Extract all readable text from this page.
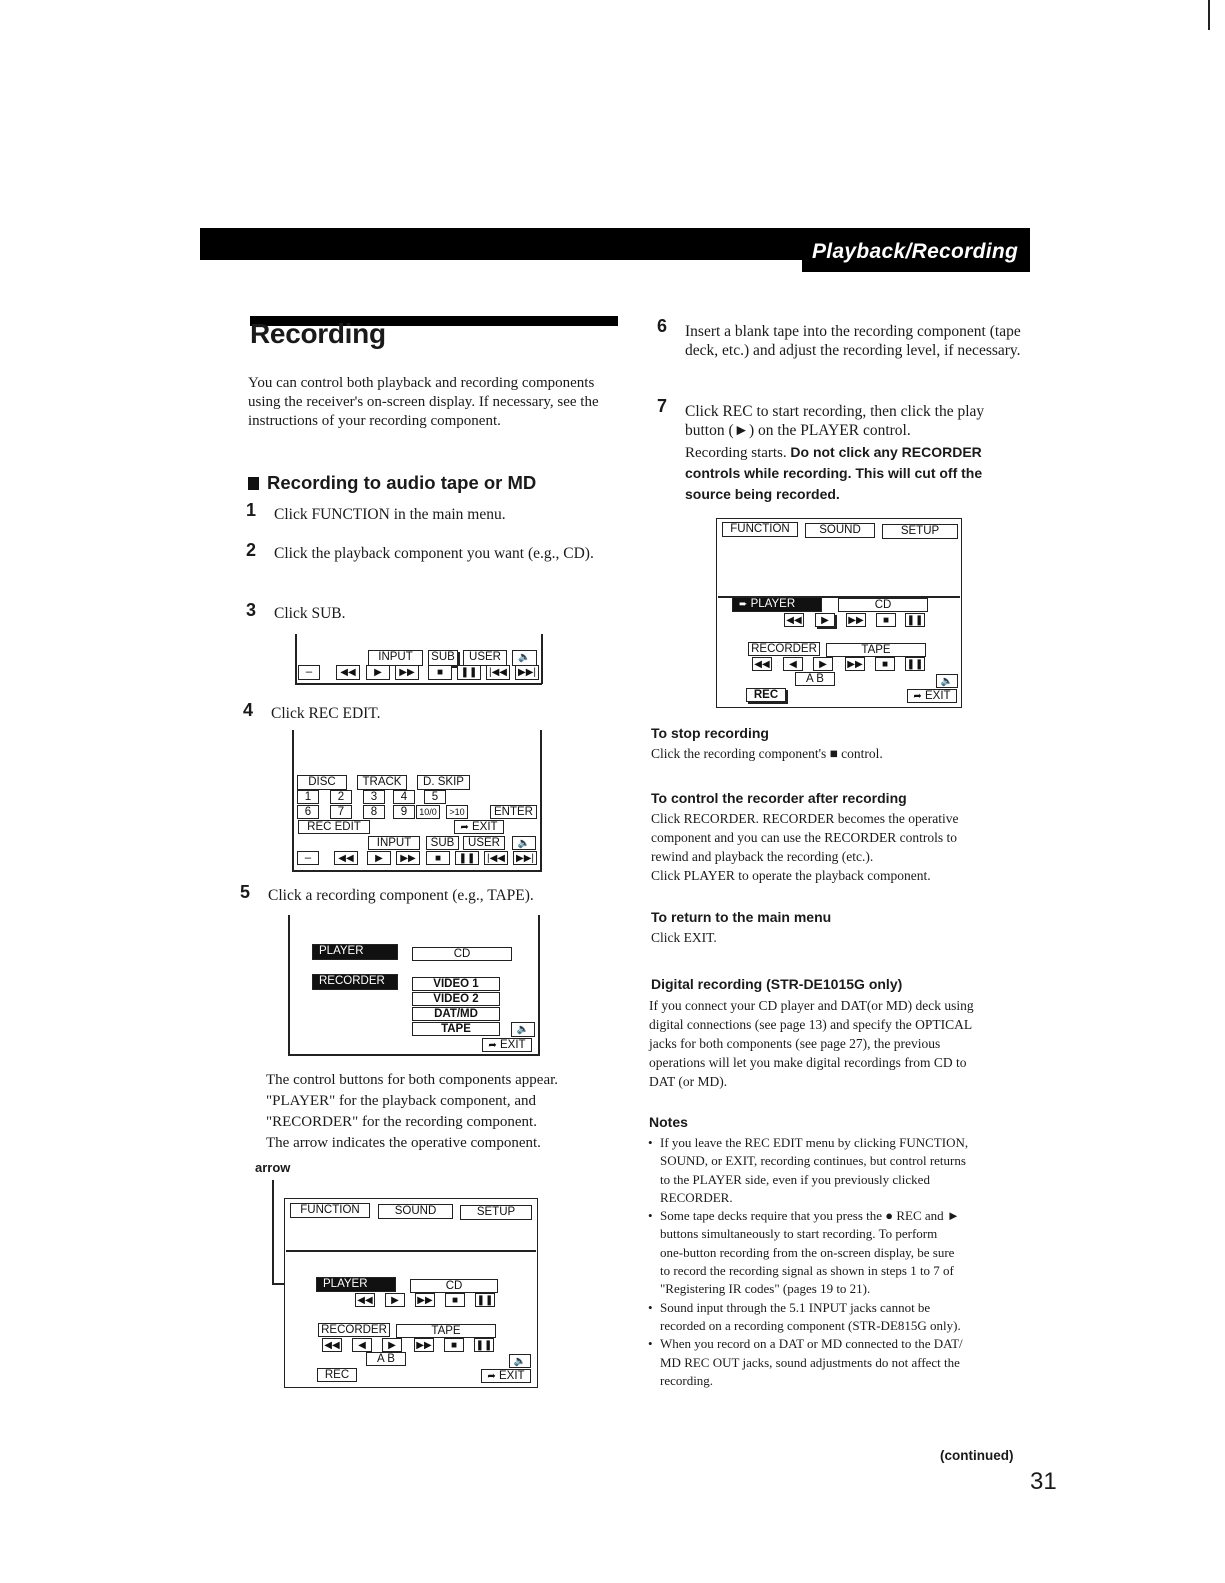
Playback/Recording
Recording
You can control both playback and recording components using the receiver's on-screen display. If necessary, see the instructions of your recording component.
Recording to audio tape or MD
1 Click FUNCTION in the main menu.
2 Click the playback component you want (e.g., CD).
3 Click SUB.
INPUT	SUB	USER	🔈
–	◀◀	▶	▶▶	■	❚❚	|◀◀	▶▶|
4 Click REC EDIT.
DISC	TRACK	D. SKIP
1	2	3	4	5
6	7	8	9	10/0	>10	ENTER
REC EDIT	➦ EXIT
INPUT	SUB	USER	🔈
–	◀◀	▶	▶▶	■	❚❚	|◀◀	▶▶|
5 Click a recording component (e.g., TAPE).
PLAYER	CD
RECORDER	VIDEO 1
VIDEO 2
DAT/MD
TAPE	🔈
➦ EXIT
The control buttons for both components appear.
"PLAYER" for the playback component, and
"RECORDER" for the recording component.
The arrow indicates the operative component.
arrow
FUNCTION	SOUND	SETUP
PLAYER	CD
◀◀	▶	▶▶	■	❚❚
RECORDER	TAPE
◀◀	◀	▶	▶▶	■	❚❚
A B	🔈
REC	➦ EXIT
6 Insert a blank tape into the recording component (tape deck, etc.) and adjust the recording level, if necessary.
7 Click REC to start recording, then click the play button (►) on the PLAYER control.
Recording starts. Do not click any RECORDER controls while recording. This will cut off the source being recorded.
FUNCTION	SOUND	SETUP
➨ PLAYER	CD
◀◀	▶	▶▶	■	❚❚
RECORDER	TAPE
◀◀	◀	▶	▶▶	■	❚❚
A B	🔈
REC	➦ EXIT
To stop recording
Click the recording component's ■ control.
To control the recorder after recording
Click RECORDER. RECORDER becomes the operative
component and you can use the RECORDER controls to
rewind and playback the recording (etc.).
Click PLAYER to operate the playback component.
To return to the main menu
Click EXIT.
Digital recording (STR-DE1015G only)
If you connect your CD player and DAT(or MD) deck using
digital connections (see page 13) and specify the OPTICAL
jacks for both components (see page 27), the previous
operations will let you make digital recordings from CD to
DAT (or MD).
Notes
• If you leave the REC EDIT menu by clicking FUNCTION,
SOUND, or EXIT, recording continues, but control returns
to the PLAYER side, even if you previously clicked
RECORDER.
• Some tape decks require that you press the ● REC and ►
buttons simultaneously to start recording. To perform
one-button recording from the on-screen display, be sure
to record the recording signal as shown in steps 1 to 7 of
"Registering IR codes" (pages 19 to 21).
• Sound input through the 5.1 INPUT jacks cannot be
recorded on a recording component (STR-DE815G only).
• When you record on a DAT or MD connected to the DAT/
MD REC OUT jacks, sound adjustments do not affect the
recording.
(continued)
31
